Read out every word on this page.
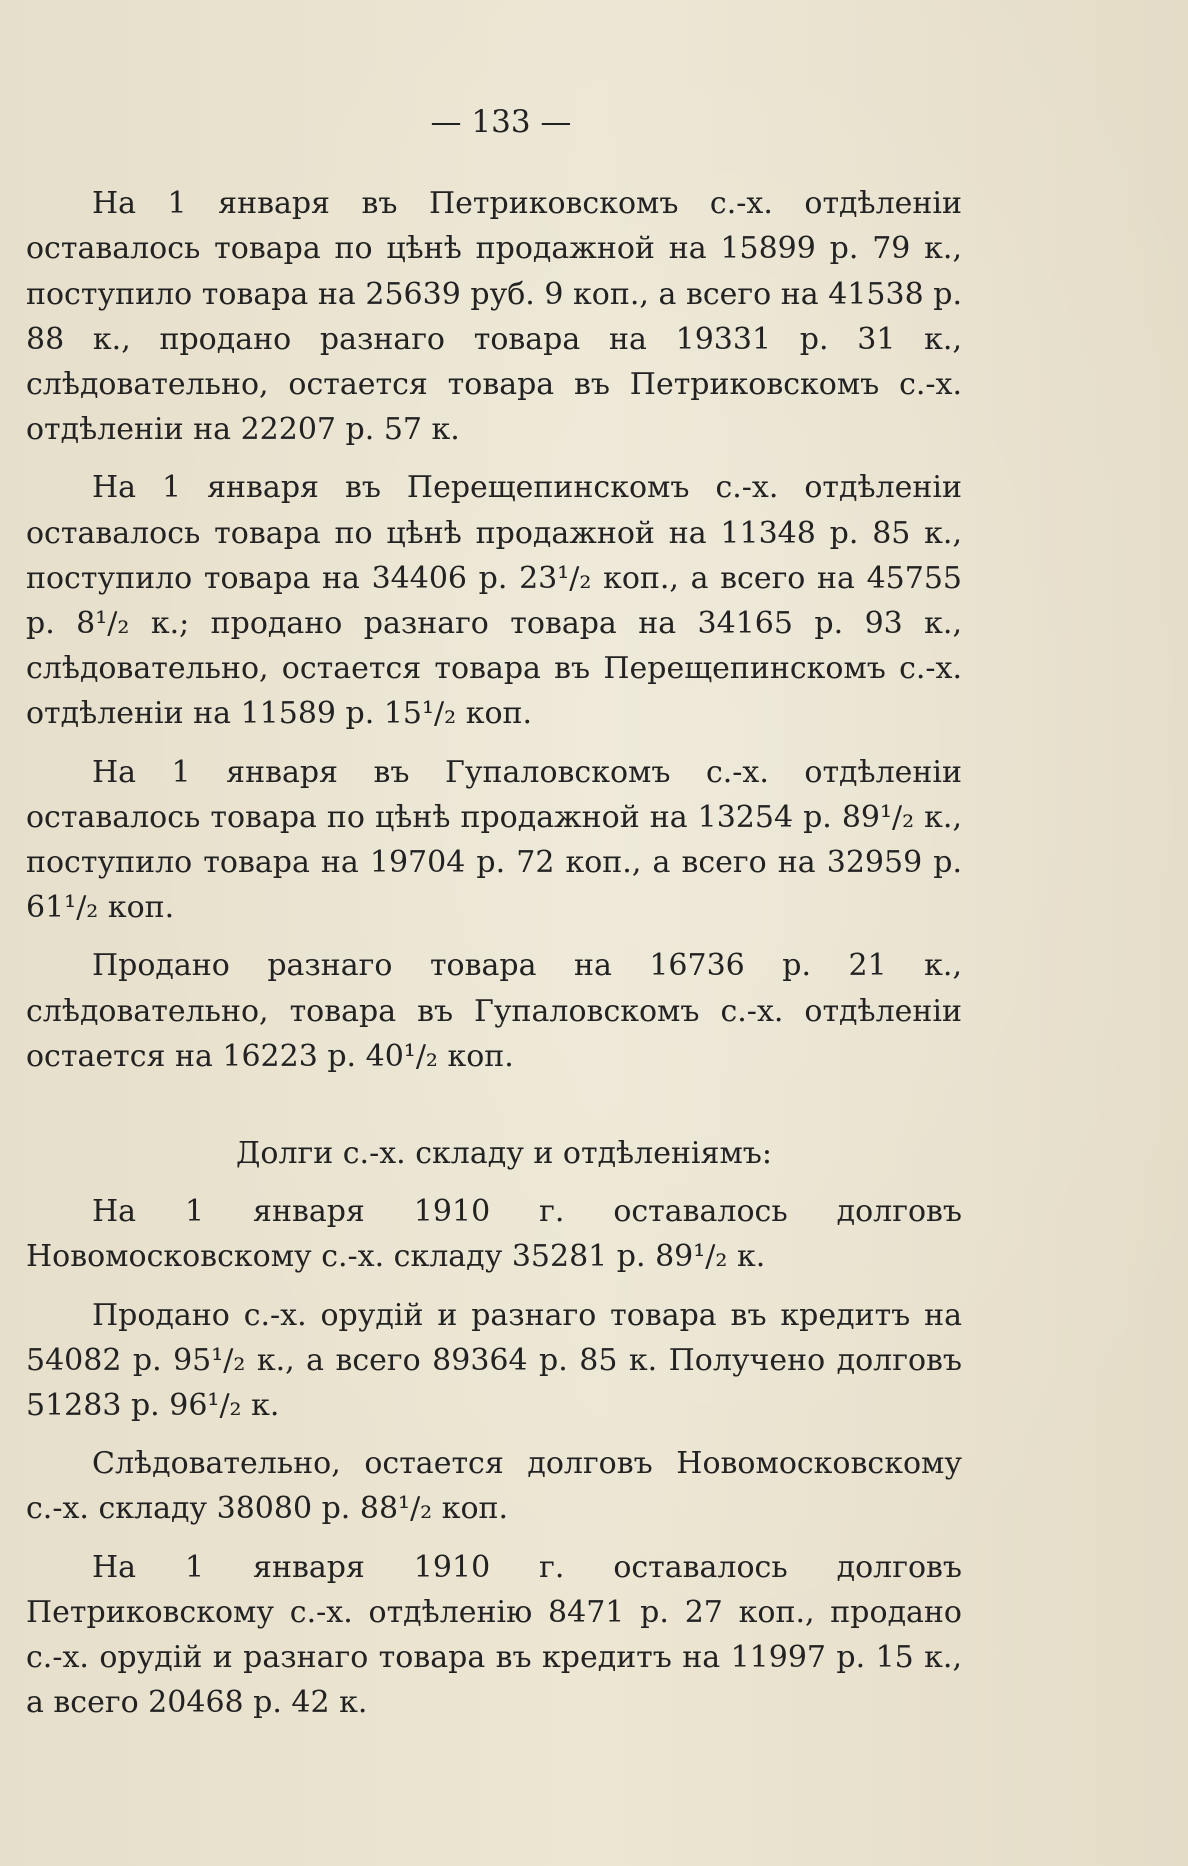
— 133 —

На 1 января въ Петриковскомъ с.-х. отдѣленіи оставалось товара по цѣнѣ продажной на 15899 р. 79 к., поступило товара на 25639 руб. 9 коп., а всего на 41538 р. 88 к., продано разнаго товара на 19331 р. 31 к., слѣдовательно, остается товара въ Петриковскомъ с.-х. отдѣленіи на 22207 р. 57 к.

На 1 января въ Перещепинскомъ с.-х. отдѣленіи оставалось товара по цѣнѣ продажной на 11348 р. 85 к., поступило товара на 34406 р. 23¹/₂ коп., а всего на 45755 р. 8¹/₂ к.; продано разнаго товара на 34165 р. 93 к., слѣдовательно, остается товара въ Перещепинскомъ с.-х. отдѣленіи на 11589 р. 15¹/₂ коп.

На 1 января въ Гупаловскомъ с.-х. отдѣленіи оставалось товара по цѣнѣ продажной на 13254 р. 89¹/₂ к., поступило товара на 19704 р. 72 коп., а всего на 32959 р. 61¹/₂ коп.

Продано разнаго товара на 16736 р. 21 к., слѣдовательно, товара въ Гупаловскомъ с.-х. отдѣленіи остается на 16223 р. 40¹/₂ коп.

Долги с.-х. складу и отдѣленіямъ:

На 1 января 1910 г. оставалось долговъ Новомосковскому с.-х. складу 35281 р. 89¹/₂ к.

Продано с.-х. орудій и разнаго товара въ кредитъ на 54082 р. 95¹/₂ к., а всего 89364 р. 85 к. Получено долговъ 51283 р. 96¹/₂ к.

Слѣдовательно, остается долговъ Новомосковскому с.-х. складу 38080 р. 88¹/₂ коп.

На 1 января 1910 г. оставалось долговъ Петриковскому с.-х. отдѣленію 8471 р. 27 коп., продано с.-х. орудій и разнаго товара въ кредитъ на 11997 р. 15 к., а всего 20468 р. 42 к.
